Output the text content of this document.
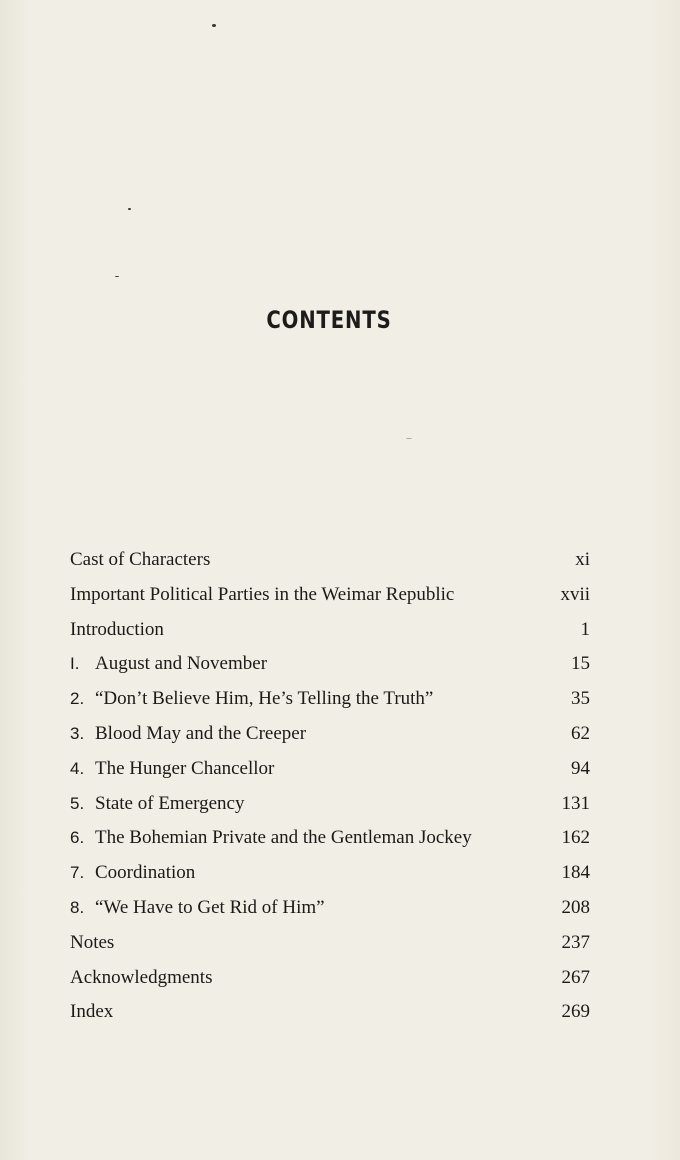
CONTENTS
Cast of Characters	xi
Important Political Parties in the Weimar Republic	xvii
Introduction	1
I. August and November	15
2. “Don’t Believe Him, He’s Telling the Truth”	35
3. Blood May and the Creeper	62
4. The Hunger Chancellor	94
5. State of Emergency	131
6. The Bohemian Private and the Gentleman Jockey	162
7. Coordination	184
8. “We Have to Get Rid of Him”	208
Notes	237
Acknowledgments	267
Index	269
